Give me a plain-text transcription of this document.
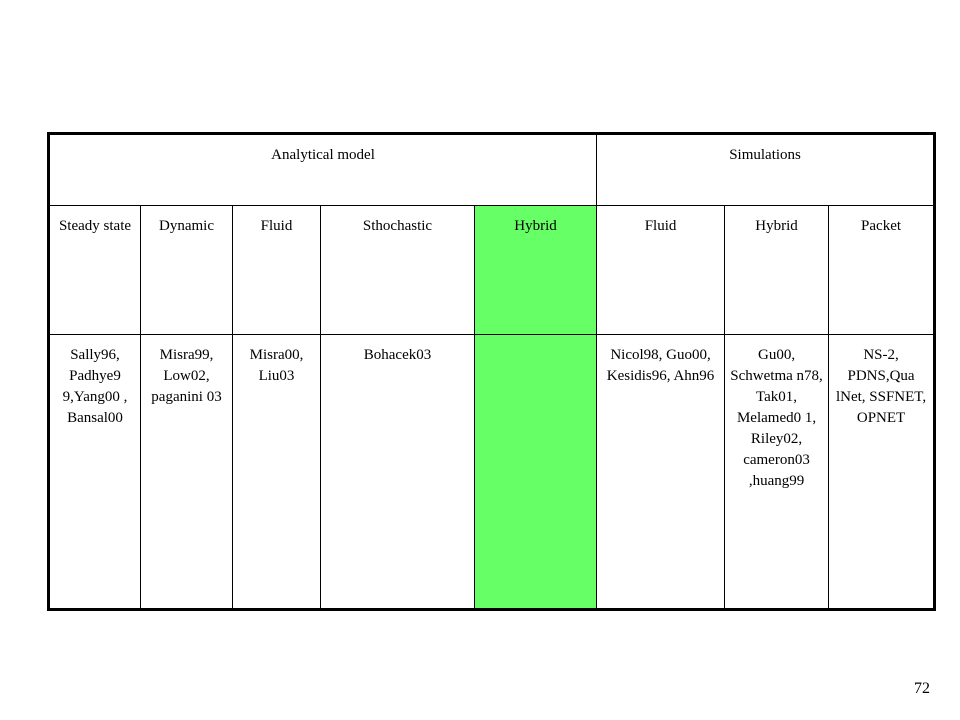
Analytical model					Simulations		
Steady state	Dynamic	Fluid	Sthochastic	Hybrid	Fluid	Hybrid	Packet
Sally96, Padhye9 9,Yang00 , Bansal00	Misra99, Low02, paganini 03	Misra00, Liu03	Bohacek03		Nicol98, Guo00, Kesidis96, Ahn96	Gu00, Schwetma n78, Tak01, Melamed0 1, Riley02, cameron03 ,huang99	NS-2, PDNS,Qua lNet, SSFNET, OPNET
72
